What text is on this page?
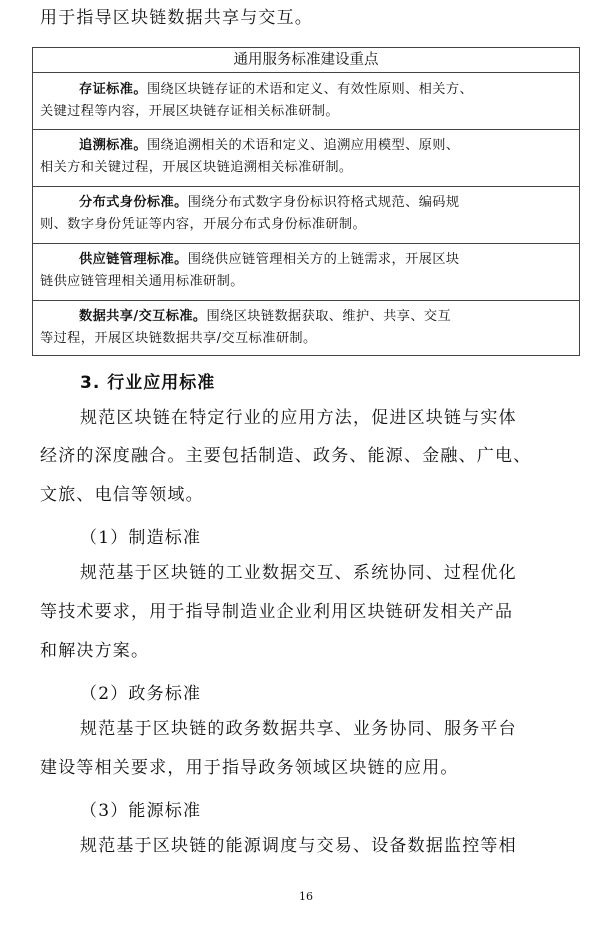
用于指导区块链数据共享与交互。
通用服务标准建设重点
存证标准。围绕区块链存证的术语和定义、有效性原则、相关方、
关键过程等内容，开展区块链存证相关标准研制。
追溯标准。围绕追溯相关的术语和定义、追溯应用模型、原则、
相关方和关键过程，开展区块链追溯相关标准研制。
分布式身份标准。围绕分布式数字身份标识符格式规范、编码规
则、数字身份凭证等内容，开展分布式身份标准研制。
供应链管理标准。围绕供应链管理相关方的上链需求，开展区块
链供应链管理相关通用标准研制。
数据共享/交互标准。围绕区块链数据获取、维护、共享、交互
等过程，开展区块链数据共享/交互标准研制。
3. 行业应用标准
规范区块链在特定行业的应用方法，促进区块链与实体
经济的深度融合。主要包括制造、政务、能源、金融、广电、
文旅、电信等领域。
（1）制造标准
规范基于区块链的工业数据交互、系统协同、过程优化
等技术要求，用于指导制造业企业利用区块链研发相关产品
和解决方案。
（2）政务标准
规范基于区块链的政务数据共享、业务协同、服务平台
建设等相关要求，用于指导政务领域区块链的应用。
（3）能源标准
规范基于区块链的能源调度与交易、设备数据监控等相
16
